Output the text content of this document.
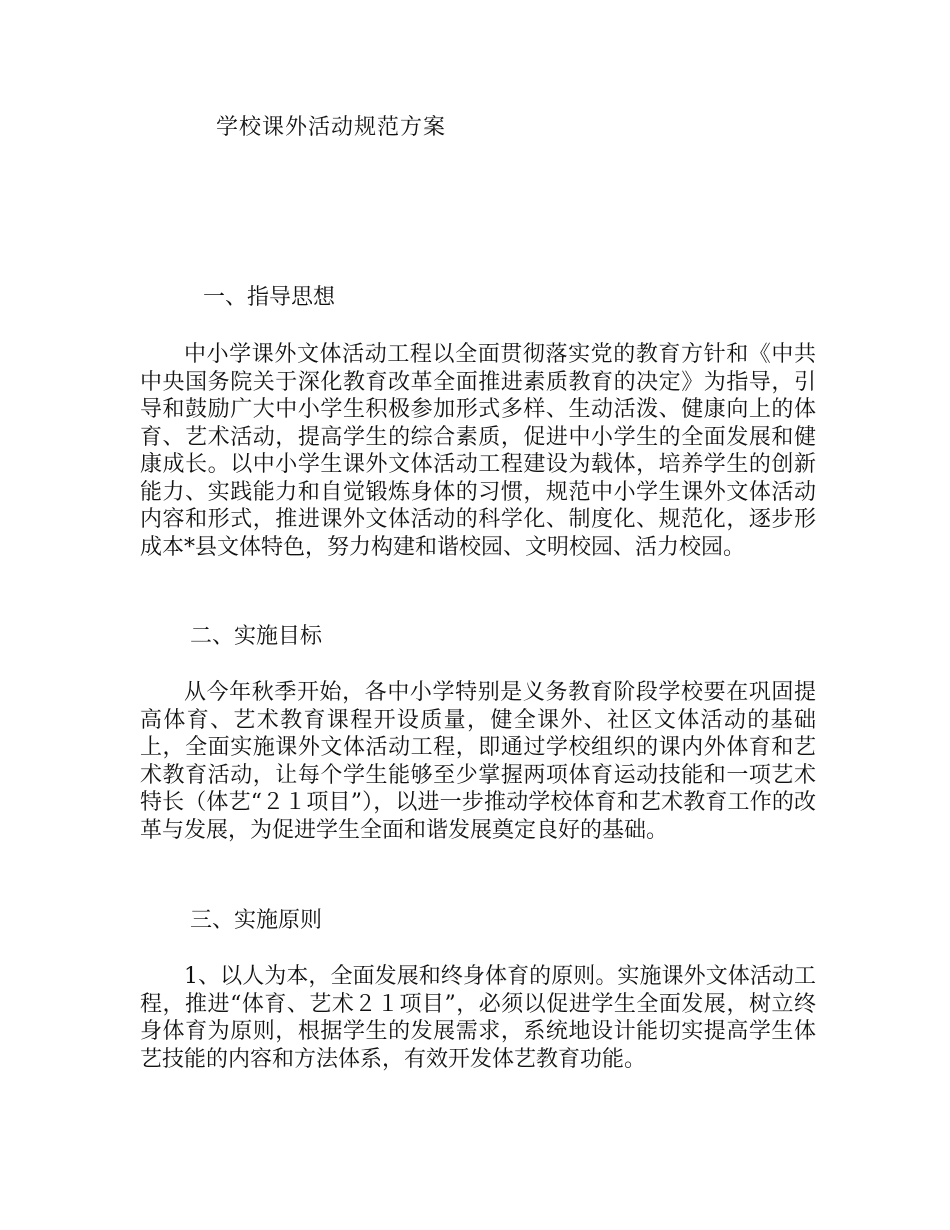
学校课外活动规范方案
一、指导思想

中小学课外文体活动工程以全面贯彻落实党的教育方针和《中共中央国务院关于深化教育改革全面推进素质教育的决定》为指导，引导和鼓励广大中小学生积极参加形式多样、生动活泼、健康向上的体育、艺术活动，提高学生的综合素质，促进中小学生的全面发展和健康成长。以中小学生课外文体活动工程建设为载体，培养学生的创新能力、实践能力和自觉锻炼身体的习惯，规范中小学生课外文体活动内容和形式，推进课外文体活动的科学化、制度化、规范化，逐步形成本*县文体特色，努力构建和谐校园、文明校园、活力校园。

二、实施目标

从今年秋季开始，各中小学特别是义务教育阶段学校要在巩固提高体育、艺术教育课程开设质量，健全课外、社区文体活动的基础上，全面实施课外文体活动工程，即通过学校组织的课内外体育和艺术教育活动，让每个学生能够至少掌握两项体育运动技能和一项艺术特长（体艺“２１项目”），以进一步推动学校体育和艺术教育工作的改革与发展，为促进学生全面和谐发展奠定良好的基础。

三、实施原则

1、以人为本，全面发展和终身体育的原则。实施课外文体活动工程，推进“体育、艺术２１项目”，必须以促进学生全面发展，树立终身体育为原则，根据学生的发展需求，系统地设计能切实提高学生体艺技能的内容和方法体系，有效开发体艺教育功能。
